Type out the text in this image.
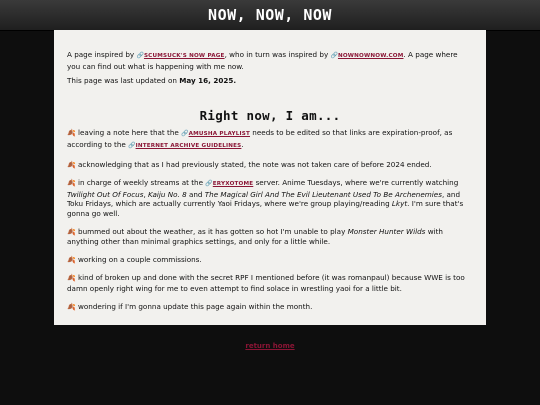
NOW, NOW, NOW

A page inspired by 🔗SCUMSUCK'S NOW PAGE, who in turn was inspired by 🔗NOWNOWNOW.COM. A page where you can find out what is happening with me now.

This page was last updated on May 16, 2025.

Right now, I am...

🍂 leaving a note here that the 🔗AMUSHA PLAYLIST needs to be edited so that links are expiration-proof, as according to the 🔗INTERNET ARCHIVE GUIDELINES.

🍂 acknowledging that as I had previously stated, the note was not taken care of before 2024 ended.

🍂 in charge of weekly streams at the 🔗ERYXOTOME server. Anime Tuesdays, where we're currently watching Twilight Out Of Focus, Kaiju No. 8 and The Magical Girl And The Evil Lieutenant Used To Be Archenemies, and Toku Fridays, which are actually currently Yaoi Fridays, where we're group playing/reading Lkyt. I'm sure that's gonna go well.

🍂 bummed out about the weather, as it has gotten so hot I'm unable to play Monster Hunter Wilds with anything other than minimal graphics settings, and only for a little while.

🍂 working on a couple commissions.

🍂 kind of broken up and done with the secret RPF I mentioned before (it was romanpaul) because WWE is too damn openly right wing for me to even attempt to find solace in wrestling yaoi for a little bit.

🍂 wondering if I'm gonna update this page again within the month.

return home
